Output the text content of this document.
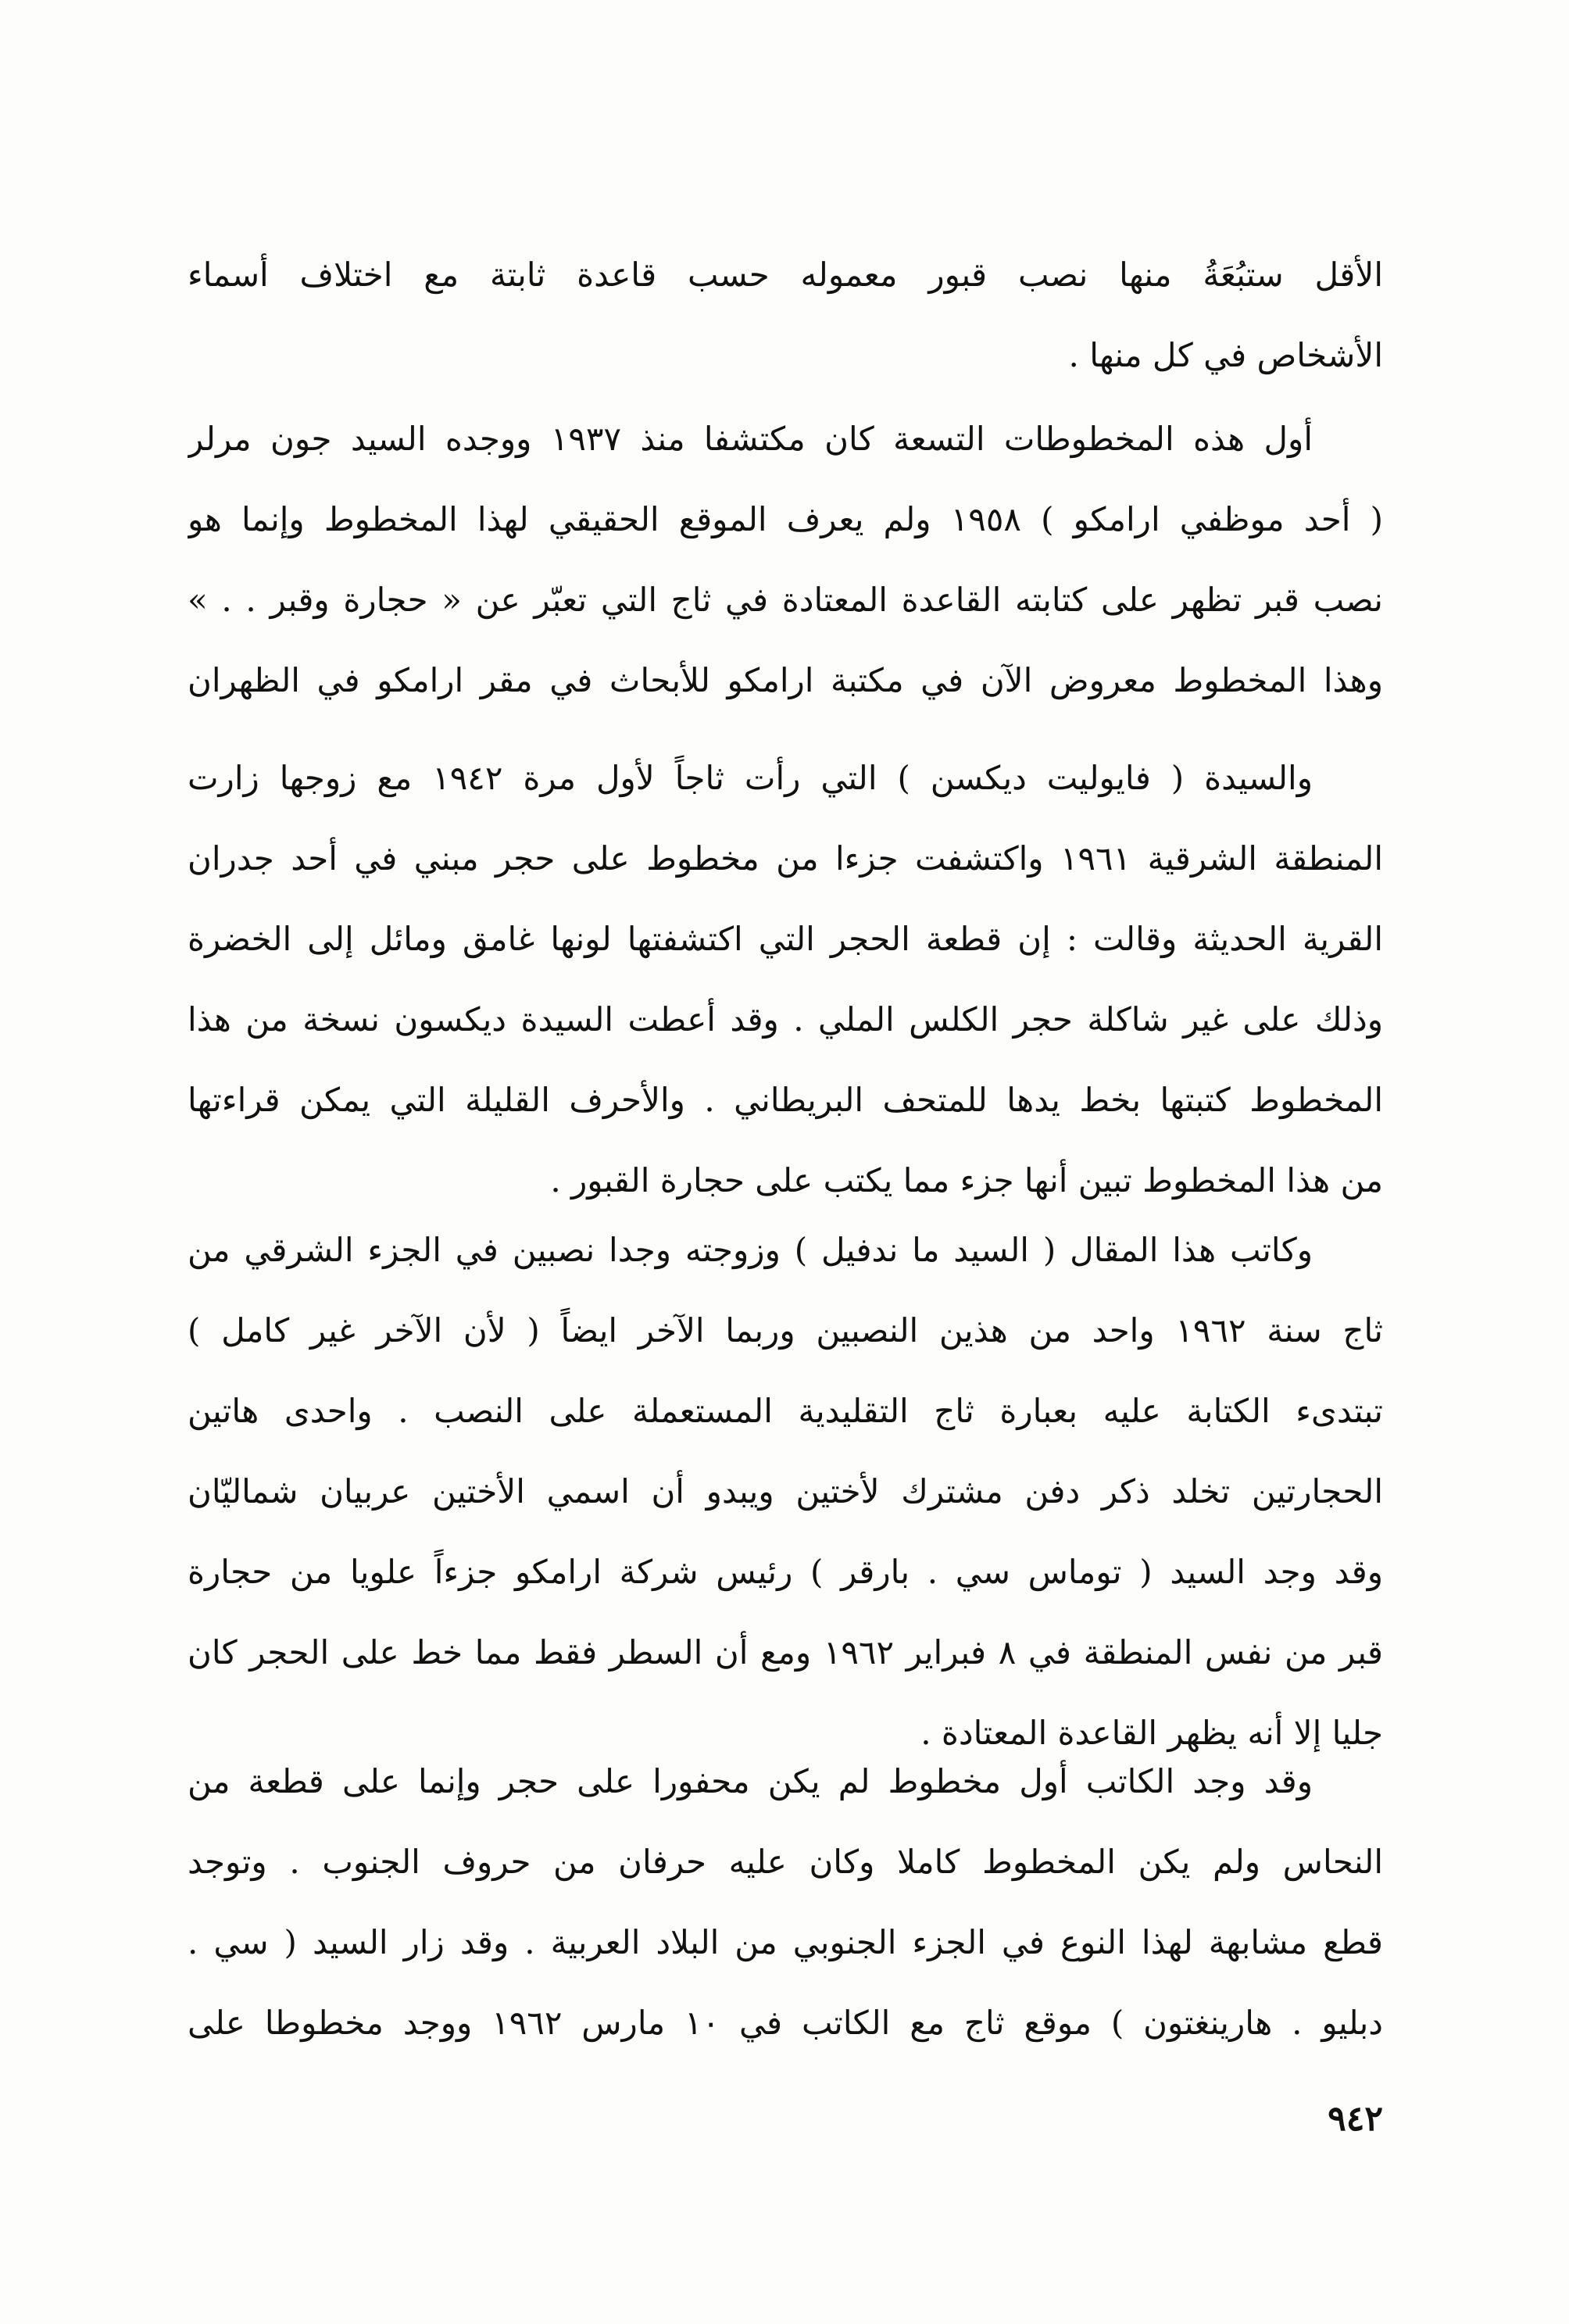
الأقل ستبُعَةُ منها نصب قبور معموله حسب قاعدة ثابتة مع اختلاف أسماء
الأشخاص في كل منها .
أول هذه المخطوطات التسعة كان مكتشفا منذ ١٩٣٧ ووجده السيد جون مرلر
( أحد موظفي ارامكو ) ١٩٥٨ ولم يعرف الموقع الحقيقي لهذا المخطوط وإنما هو
نصب قبر تظهر على كتابته القاعدة المعتادة في ثاج التي تعبّر عن « حجارة وقبر . . »
وهذا المخطوط معروض الآن في مكتبة ارامكو للأبحاث في مقر ارامكو في الظهران
والسيدة ( فايوليت ديكسن ) التي رأت ثاجاً لأول مرة ١٩٤٢ مع زوجها زارت
المنطقة الشرقية ١٩٦١ واكتشفت جزءا من مخطوط على حجر مبني في أحد جدران
القرية الحديثة وقالت : إن قطعة الحجر التي اكتشفتها لونها غامق ومائل إلى الخضرة
وذلك على غير شاكلة حجر الكلس الملي . وقد أعطت السيدة ديكسون نسخة من هذا
المخطوط كتبتها بخط يدها للمتحف البريطاني . والأحرف القليلة التي يمكن قراءتها
من هذا المخطوط تبين أنها جزء مما يكتب على حجارة القبور .
وكاتب هذا المقال ( السيد ما ندفيل ) وزوجته وجدا نصبين في الجزء الشرقي من
ثاج سنة ١٩٦٢ واحد من هذين النصبين وربما الآخر ايضاً ( لأن الآخر غير كامل )
تبتدىء الكتابة عليه بعبارة ثاج التقليدية المستعملة على النصب . واحدى هاتين
الحجارتين تخلد ذكر دفن مشترك لأختين ويبدو أن اسمي الأختين عربيان شماليّان
وقد وجد السيد ( توماس سي . بارقر ) رئيس شركة ارامكو جزءاً علويا من حجارة
قبر من نفس المنطقة في ٨ فبراير ١٩٦٢ ومع أن السطر فقط مما خط على الحجر كان
جليا إلا أنه يظهر القاعدة المعتادة .
وقد وجد الكاتب أول مخطوط لم يكن محفورا على حجر وإنما على قطعة من
النحاس ولم يكن المخطوط كاملا وكان عليه حرفان من حروف الجنوب . وتوجد
قطع مشابهة لهذا النوع في الجزء الجنوبي من البلاد العربية . وقد زار السيد ( سي .
دبليو . هارينغتون ) موقع ثاج مع الكاتب في ١٠ مارس ١٩٦٢ ووجد مخطوطا على
٩٤٢
